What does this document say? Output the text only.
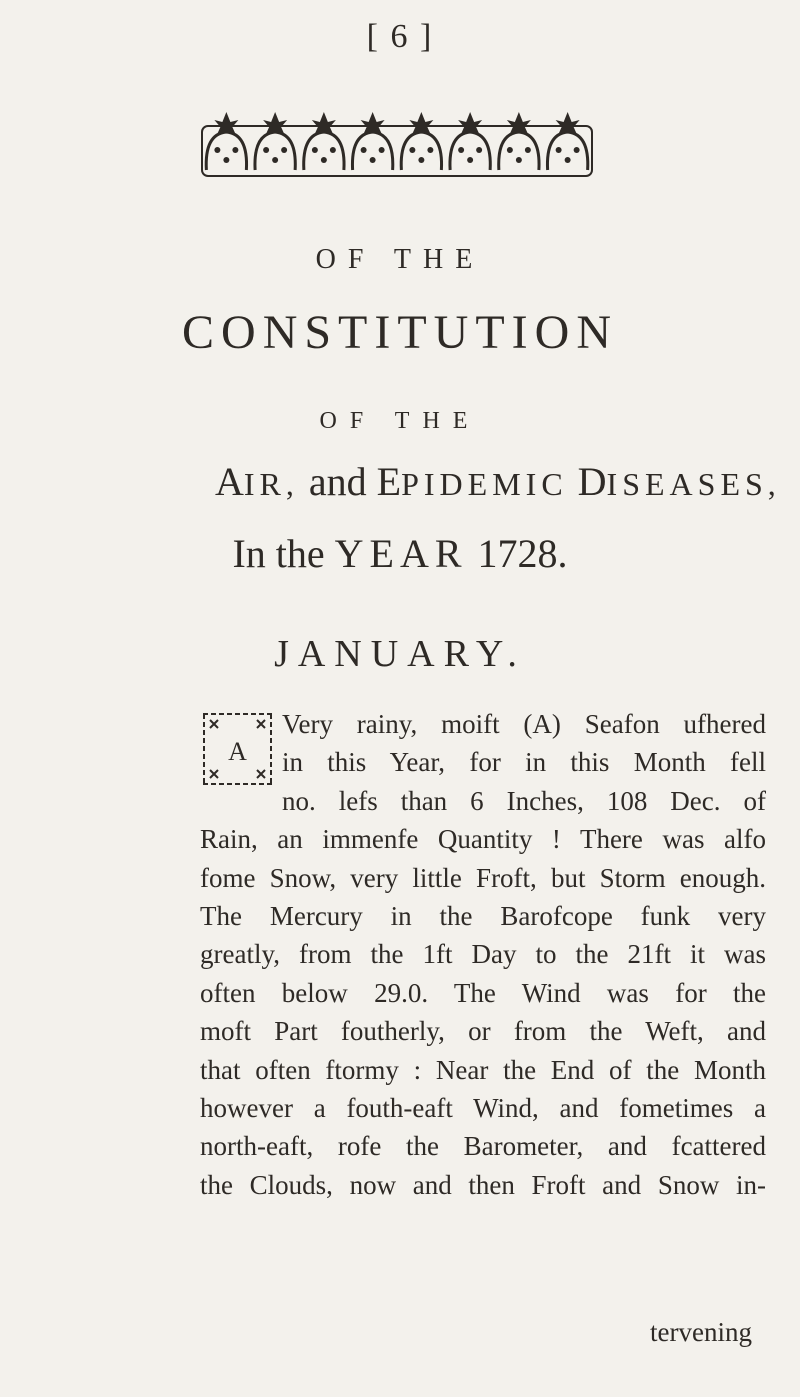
[ 6 ]
OF THE
CONSTITUTION
OF THE
AIR, and EPIDEMIC DISEASES,
In the YEAR 1728.
JANUARY.
A
Very rainy, moift (A) Seafon ufhered
in this Year, for in this Month fell
no. lefs than 6 Inches, 108 Dec. of
Rain, an immenfe Quantity ! There was alfo
fome Snow, very little Froft, but Storm enough.
The Mercury in the Barofcope funk very
greatly, from the 1ft Day to the 21ft it was
often below 29.0. The Wind was for the
moft Part foutherly, or from the Weft, and
that often ftormy : Near the End of the Month
however a fouth-eaft Wind, and fometimes a
north-eaft, rofe the Barometer, and fcattered
the Clouds, now and then Froft and Snow in-
tervening
